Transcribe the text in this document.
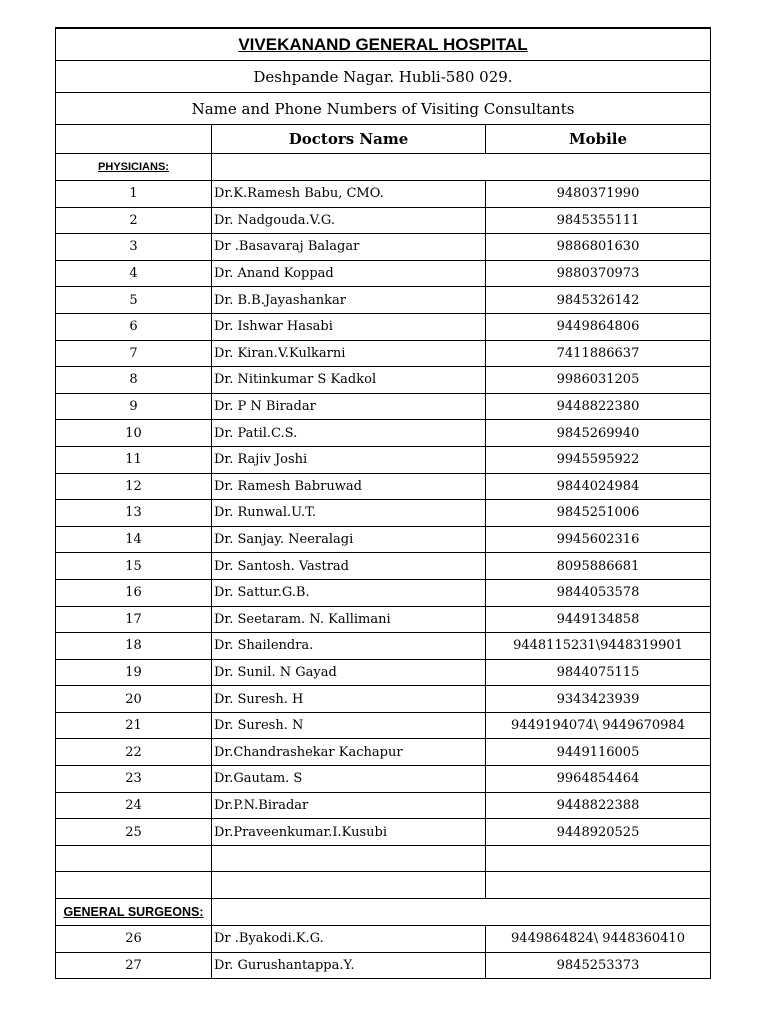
VIVEKANAND GENERAL HOSPITAL		
Deshpande Nagar. Hubli-580 029.		
Name and Phone Numbers of Visiting Consultants		
	Doctors Name	Mobile
PHYSICIANS:		
1	Dr.K.Ramesh Babu, CMO.	9480371990
2	Dr. Nadgouda.V.G.	9845355111
3	Dr .Basavaraj Balagar	9886801630
4	Dr. Anand Koppad	9880370973
5	Dr. B.B.Jayashankar	9845326142
6	Dr. Ishwar Hasabi	9449864806
7	Dr. Kiran.V.Kulkarni	7411886637
8	Dr. Nitinkumar S Kadkol	9986031205
9	Dr. P N Biradar	9448822380
10	Dr. Patil.C.S.	9845269940
11	Dr. Rajiv Joshi	9945595922
12	Dr. Ramesh Babruwad	9844024984
13	Dr. Runwal.U.T.	9845251006
14	Dr. Sanjay. Neeralagi	9945602316
15	Dr. Santosh. Vastrad	8095886681
16	Dr. Sattur.G.B.	9844053578
17	Dr. Seetaram. N. Kallimani	9449134858
18	Dr. Shailendra.	9448115231\9448319901
19	Dr. Sunil. N Gayad	9844075115
20	Dr. Suresh. H	9343423939
21	Dr. Suresh. N	9449194074\ 9449670984
22	Dr.Chandrashekar Kachapur	9449116005
23	Dr.Gautam. S	9964854464
24	Dr.P.N.Biradar	9448822388
25	Dr.Praveenkumar.I.Kusubi	9448920525

GENERAL SURGEONS:		
26	Dr .Byakodi.K.G.	9449864824\ 9448360410
27	Dr. Gurushantappa.Y.	9845253373
